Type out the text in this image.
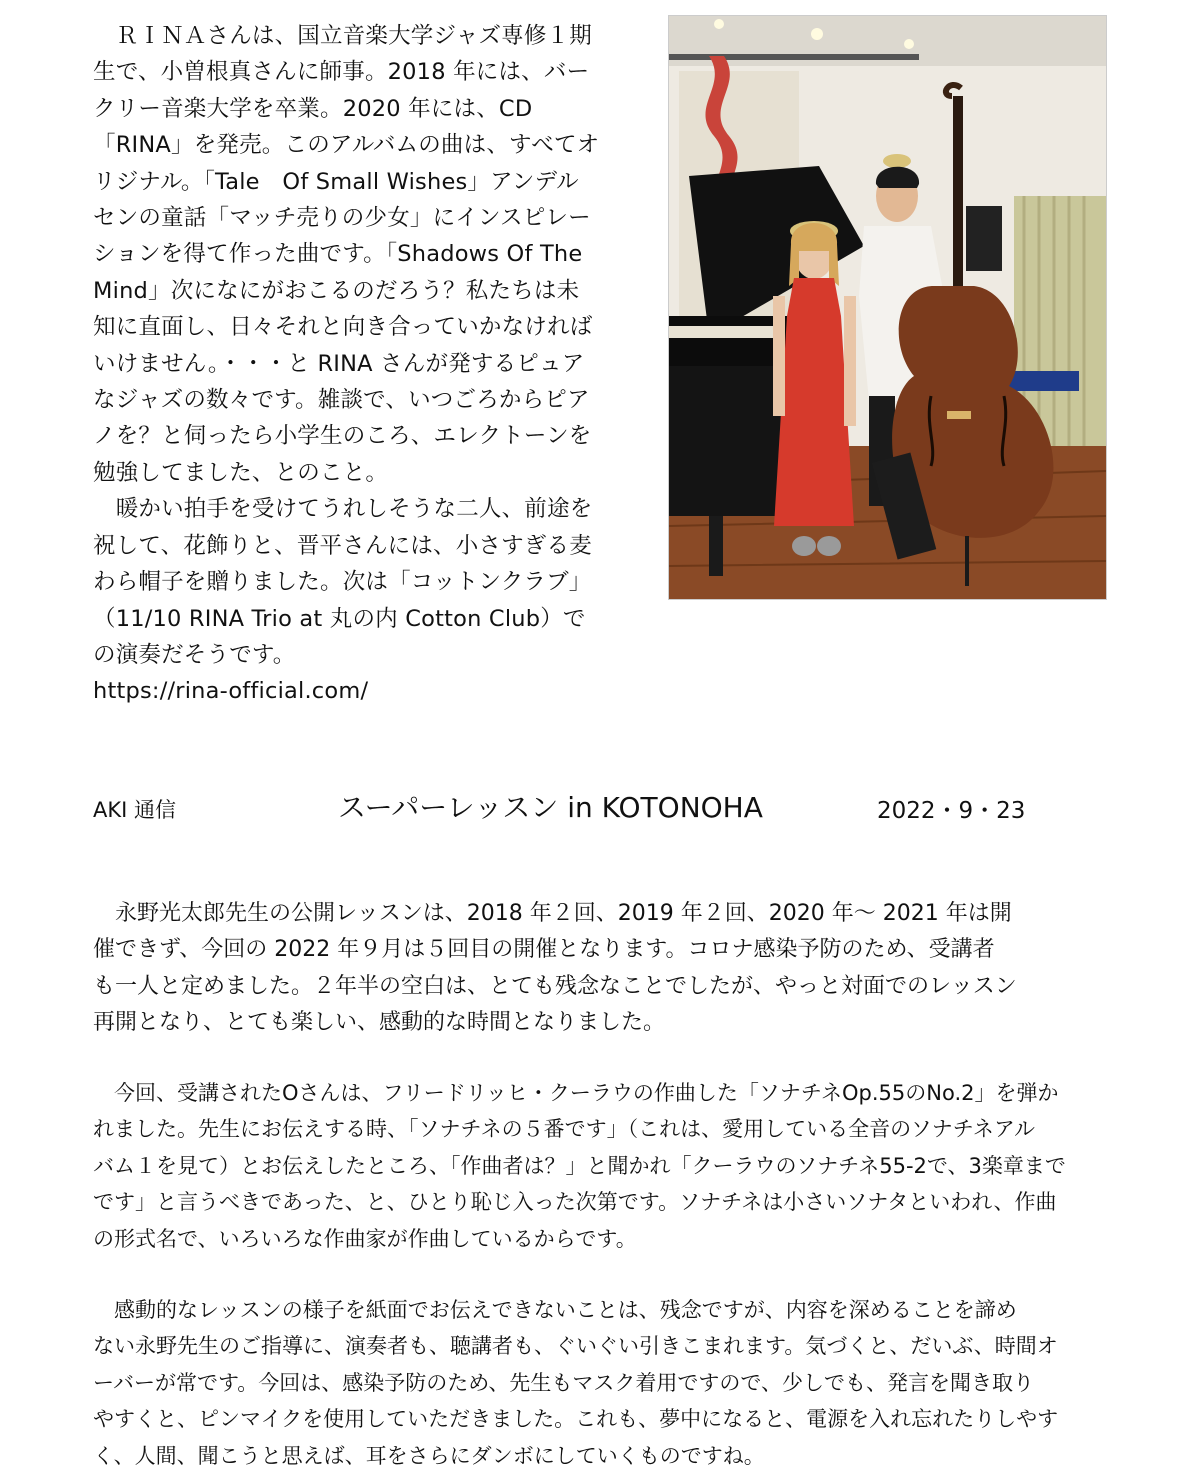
　ＲＩＮＡさんは、国立音楽大学ジャズ専修１期

生で、小曽根真さんに師事。2018 年には、バー

クリー音楽大学を卒業。2020 年には、CD

「RINA」を発売。このアルバムの曲は、すべてオ

リジナル。「Tale　Of Small Wishes」アンデル

センの童話「マッチ売りの少女」にインスピレー

ションを得て作った曲です。「Shadows Of The

Mind」次になにがおこるのだろう？私たちは未

知に直面し、日々それと向き合っていかなければ

いけません。・・・と RINA さんが発するピュア

なジャズの数々です。雑談で、いつごろからピア

ノを？と伺ったら小学生のころ、エレクトーンを

勉強してました、とのこと。

　暖かい拍手を受けてうれしそうな二人、前途を

祝して、花飾りと、晋平さんには、小さすぎる麦

わら帽子を贈りました。次は「コットンクラブ」

（11/10 RINA Trio at 丸の内 Cotton Club）で

の演奏だそうです。

https://rina-official.com/

AKI 通信	スーパーレッスン in KOTONOHA	2022・9・23

　永野光太郎先生の公開レッスンは、2018 年２回、2019 年２回、2020 年〜 2021 年は開

催できず、今回の 2022 年９月は５回目の開催となります。コロナ感染予防のため、受講者

も一人と定めました。２年半の空白は、とても残念なことでしたが、やっと対面でのレッスン

再開となり、とても楽しい、感動的な時間となりました。

　今回、受講されたOさんは、フリードリッヒ・クーラウの作曲した「ソナチネOp.55のNo.2」を弾か

れました。先生にお伝えする時、「ソナチネの５番です」（これは、愛用している全音のソナチネアル

バム１を見て）とお伝えしたところ、「作曲者は？」と聞かれ「クーラウのソナチネ55-2で、3楽章まで

です」と言うべきであった、と、ひとり恥じ入った次第です。ソナチネは小さいソナタといわれ、作曲

の形式名で、いろいろな作曲家が作曲しているからです。

　感動的なレッスンの様子を紙面でお伝えできないことは、残念ですが、内容を深めることを諦め

ない永野先生のご指導に、演奏者も、聴講者も、ぐいぐい引きこまれます。気づくと、だいぶ、時間オ

ーバーが常です。今回は、感染予防のため、先生もマスク着用ですので、少しでも、発言を聞き取り

やすくと、ピンマイクを使用していただきました。これも、夢中になると、電源を入れ忘れたりしやす

く、人間、聞こうと思えば、耳をさらにダンボにしていくものですね。
